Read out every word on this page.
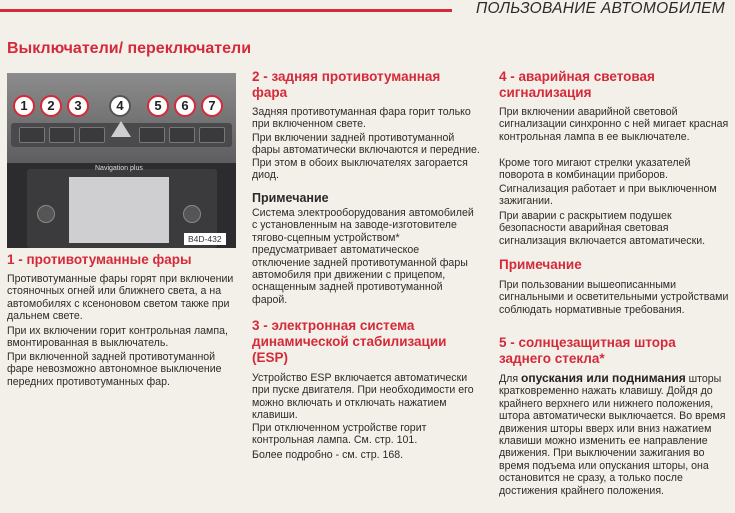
ПОЛЬЗОВАНИЕ АВТОМОБИЛЕМ
Выключатели/ переключатели
1	2	3	4	5	6	7
Navigation plus
B4D-432
1 - противотуманные фары

Противотуманные фары горят при включении стояночных огней или ближнего света, а на автомобилях с ксеноновом светом также при дальнем свете.

При их включении горит контрольная лампа, вмонтированная в выключатель.

При включенной задней противотуманной фаре невозможно автономное выключение передних противотуманных фар.

2 - задняя противотуманная фара

Задняя противотуманная фара горит только при включенном свете.

При включении задней противотуманной фары автоматически включаются и передние. При этом в обоих выключателях загорается диод.

Примечание

Система электрооборудования автомобилей с установленным на заводе-изготовителе тягово-сцепным устройством* предусматривает автоматическое отключение задней противотуманной фары автомобиля при движении с прицепом, оснащенным задней противотуманной фарой.

3 - электронная система динамической стабилизации (ESP)

Устройство ESP включается автоматически при пуске двигателя. При необходимости его можно включать и отключать нажатием клавиши.

При отключенном устройстве горит контрольная лампа. См. стр. 101.

Более подробно - см. стр. 168.

4 - аварийная световая сигнализация

При включении аварийной световой сигнализации синхронно с ней мигает красная контрольная лампа в ее выключателе.

Кроме того мигают стрелки указателей поворота в комбинации приборов.

Сигнализация работает и при выключенном зажигании.

При аварии с раскрытием подушек безопасности аварийная световая сигнализация включается автоматически.

Примечание

При пользовании вышеописанными сигнальными и осветительными устройствами соблюдать нормативные требования.

5 - солнцезащитная штора заднего стекла*

Для опускания или поднимания шторы кратковременно нажать клавишу. Дойдя до крайнего верхнего или нижнего положения, штора автоматически выключается. Во время движения шторы вверх или вниз нажатием клавиши можно изменить ее направление движения. При выключении зажигания во время подъема или опускания шторы, она остановится не сразу, а только после достижения крайнего положения.
